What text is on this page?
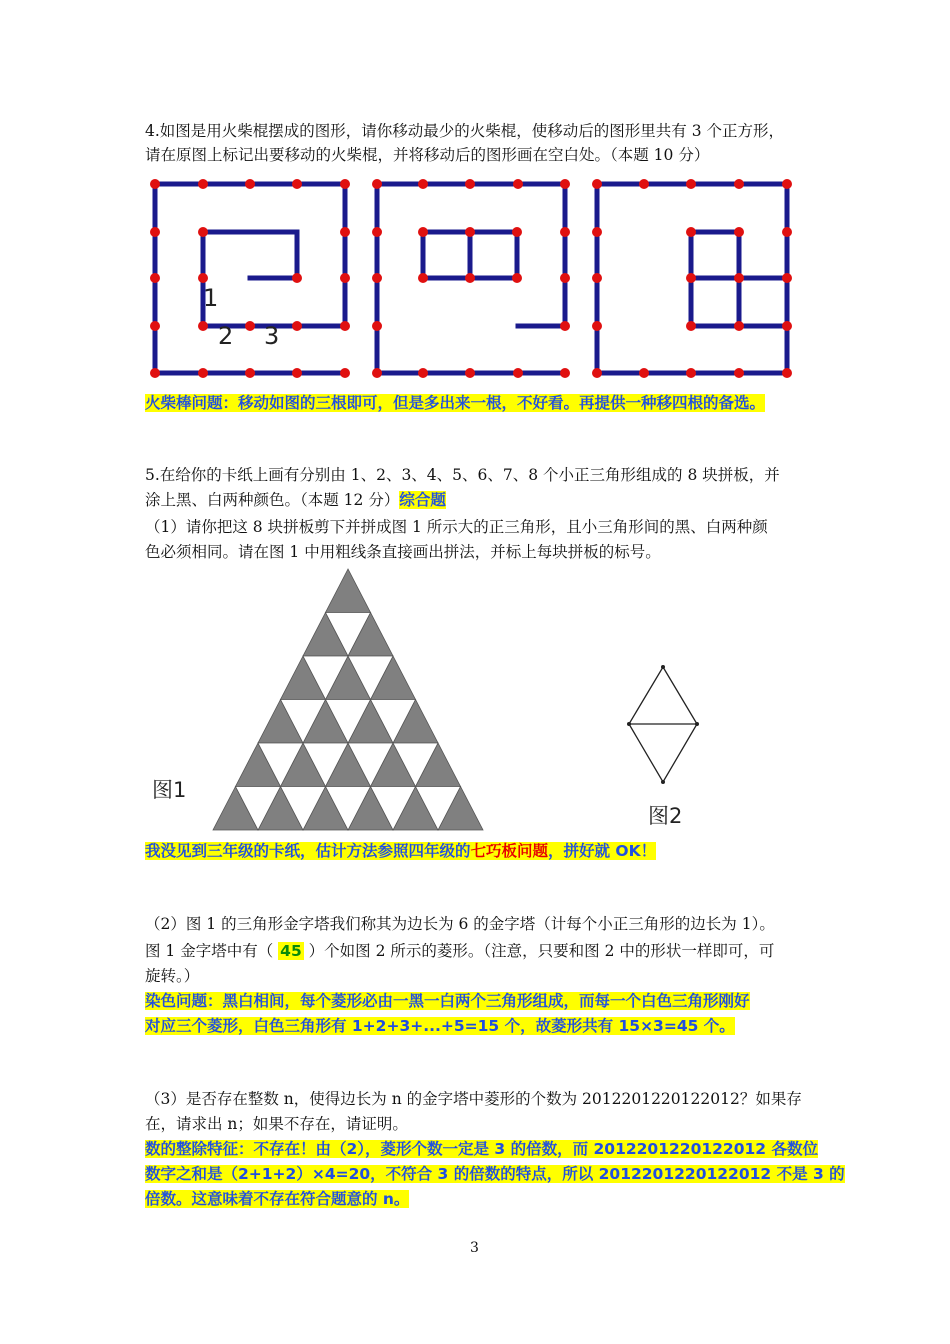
4.如图是用火柴棍摆成的图形，请你移动最少的火柴棍，使移动后的图形里共有 3 个正方形，
请在原图上标记出要移动的火柴棍，并将移动后的图形画在空白处。（本题 10 分）
1
2 3
火柴棒问题：移动如图的三根即可，但是多出来一根，不好看。再提供一种移四根的备选。
5.在给你的卡纸上画有分别由 1、2、3、4、5、6、7、8 个小正三角形组成的 8 块拼板，并
涂上黑、白两种颜色。（本题 12 分）综合题
（1）请你把这 8 块拼板剪下并拼成图 1 所示大的正三角形，且小三角形间的黑、白两种颜
色必须相同。请在图 1 中用粗线条直接画出拼法，并标上每块拼板的标号。
图1
图2
我没见到三年级的卡纸，估计方法参照四年级的七巧板问题，拼好就 OK！
（2）图 1 的三角形金字塔我们称其为边长为 6 的金字塔（计每个小正三角形的边长为 1）。
图 1 金字塔中有（ 45 ）个如图 2 所示的菱形。（注意，只要和图 2 中的形状一样即可，可
旋转。）
染色问题：黑白相间，每个菱形必由一黑一白两个三角形组成，而每一个白色三角形刚好
对应三个菱形，白色三角形有 1+2+3+...+5=15 个，故菱形共有 15×3=45 个。
（3）是否存在整数 n，使得边长为 n 的金字塔中菱形的个数为 2012201220122012？如果存
在，请求出 n；如果不存在，请证明。
数的整除特征：不存在！由（2），菱形个数一定是 3 的倍数，而 2012201220122012 各数位
数字之和是（2+1+2）×4=20，不符合 3 的倍数的特点，所以 2012201220122012 不是 3 的
倍数。这意味着不存在符合题意的 n。
3
